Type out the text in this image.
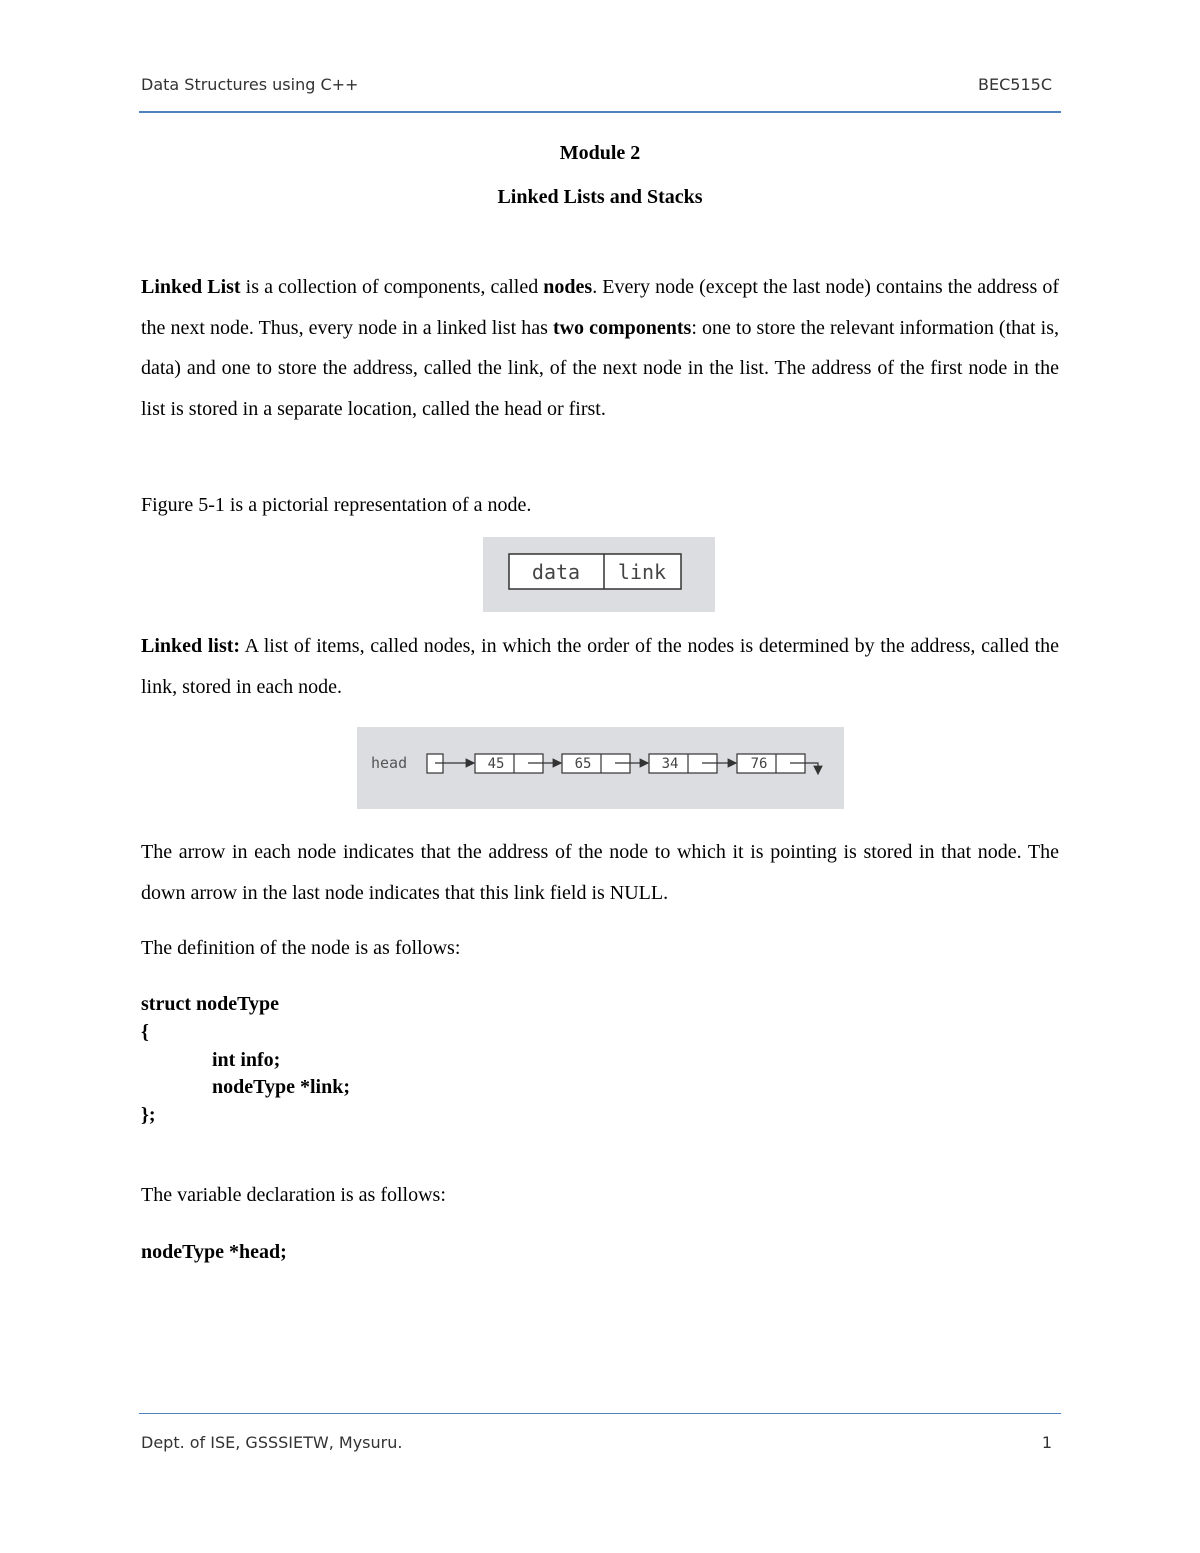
Data Structures using C++	BEC515C
Module 2
Linked Lists and Stacks
Linked List is a collection of components, called nodes. Every node (except the last node) contains the address of the next node. Thus, every node in a linked list has two components: one to store the relevant information (that is, data) and one to store the address, called the link, of the next node in the list. The address of the first node in the list is stored in a separate location, called the head or first.
Figure 5-1 is a pictorial representation of a node.
data link
Linked list: A list of items, called nodes, in which the order of the nodes is determined by the address, called the link, stored in each node.
head	45	65	34	76
The arrow in each node indicates that the address of the node to which it is pointing is stored in that node. The down arrow in the last node indicates that this link field is NULL.
The definition of the node is as follows:
struct nodeType
{
int info;
nodeType *link;
};
The variable declaration is as follows:
nodeType *head;
Dept. of ISE, GSSSIETW, Mysuru.	1
